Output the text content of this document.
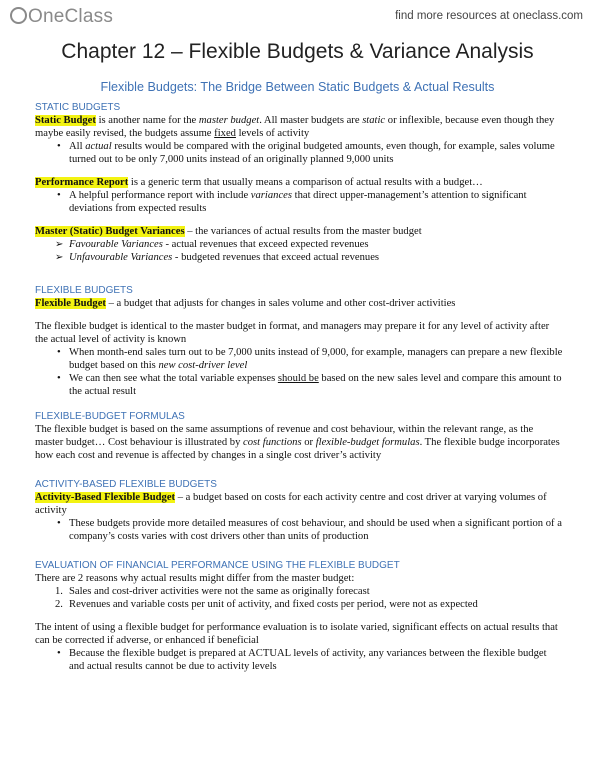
OneClass	find more resources at oneclass.com
Chapter 12 – Flexible Budgets & Variance Analysis
Flexible Budgets: The Bridge Between Static Budgets & Actual Results
STATIC BUDGETS

Static Budget is another name for the master budget. All master budgets are static or inflexible, because even though they maybe easily revised, the budgets assume fixed levels of activity

• All actual results would be compared with the original budgeted amounts, even though, for example, sales volume turned out to be only 7,000 units instead of an originally planned 9,000 units

Performance Report is a generic term that usually means a comparison of actual results with a budget…

• A helpful performance report with include variances that direct upper-management’s attention to significant deviations from expected results

Master (Static) Budget Variances – the variances of actual results from the master budget

➢ Favourable Variances - actual revenues that exceed expected revenues
➢ Unfavourable Variances - budgeted revenues that exceed actual revenues
FLEXIBLE BUDGETS

Flexible Budget – a budget that adjusts for changes in sales volume and other cost-driver activities

The flexible budget is identical to the master budget in format, and managers may prepare it for any level of activity after the actual level of activity is known

• When month-end sales turn out to be 7,000 units instead of 9,000, for example, managers can prepare a new flexible budget based on this new cost-driver level
• We can then see what the total variable expenses should be based on the new sales level and compare this amount to the actual result
FLEXIBLE-BUDGET FORMULAS

The flexible budget is based on the same assumptions of revenue and cost behaviour, within the relevant range, as the master budget… Cost behaviour is illustrated by cost functions or flexible-budget formulas. The flexible budge incorporates how each cost and revenue is affected by changes in a single cost driver’s activity

ACTIVITY-BASED FLEXIBLE BUDGETS

Activity-Based Flexible Budget – a budget based on costs for each activity centre and cost driver at varying volumes of activity

• These budgets provide more detailed measures of cost behaviour, and should be used when a significant portion of a company’s costs varies with cost drivers other than units of production
EVALUATION OF FINANCIAL PERFORMANCE USING THE FLEXIBLE BUDGET

There are 2 reasons why actual results might differ from the master budget:

1. Sales and cost-driver activities were not the same as originally forecast
2. Revenues and variable costs per unit of activity, and fixed costs per period, were not as expected

The intent of using a flexible budget for performance evaluation is to isolate varied, significant effects on actual results that can be corrected if adverse, or enhanced if beneficial

• Because the flexible budget is prepared at ACTUAL levels of activity, any variances between the flexible budget and actual results cannot be due to activity levels
